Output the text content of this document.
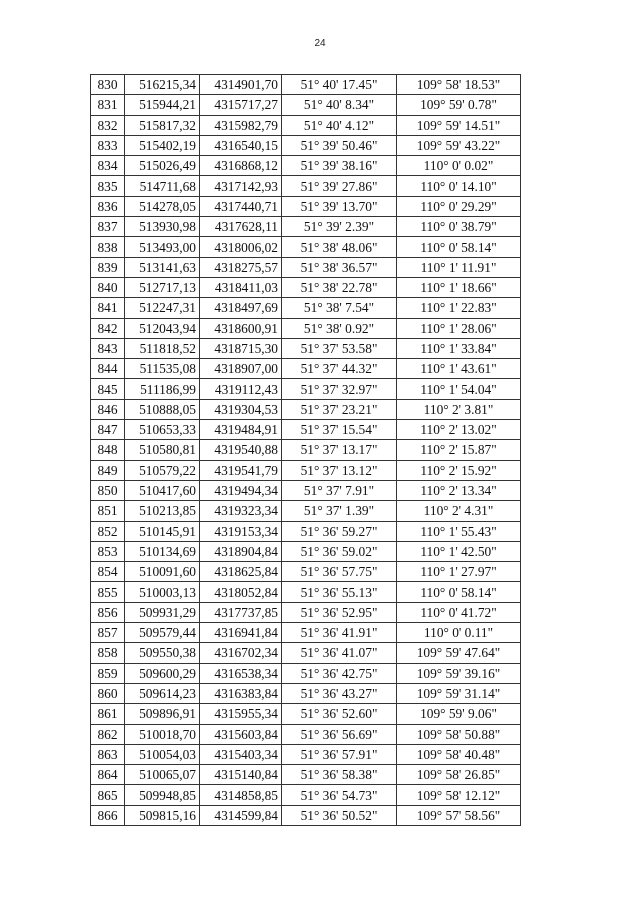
24
830	516215,34	4314901,70	51° 40' 17.45"	109° 58' 18.53"
831	515944,21	4315717,27	51° 40' 8.34"	109° 59' 0.78"
832	515817,32	4315982,79	51° 40' 4.12"	109° 59' 14.51"
833	515402,19	4316540,15	51° 39' 50.46"	109° 59' 43.22"
834	515026,49	4316868,12	51° 39' 38.16"	110° 0' 0.02"
835	514711,68	4317142,93	51° 39' 27.86"	110° 0' 14.10"
836	514278,05	4317440,71	51° 39' 13.70"	110° 0' 29.29"
837	513930,98	4317628,11	51° 39' 2.39"	110° 0' 38.79"
838	513493,00	4318006,02	51° 38' 48.06"	110° 0' 58.14"
839	513141,63	4318275,57	51° 38' 36.57"	110° 1' 11.91"
840	512717,13	4318411,03	51° 38' 22.78"	110° 1' 18.66"
841	512247,31	4318497,69	51° 38' 7.54"	110° 1' 22.83"
842	512043,94	4318600,91	51° 38' 0.92"	110° 1' 28.06"
843	511818,52	4318715,30	51° 37' 53.58"	110° 1' 33.84"
844	511535,08	4318907,00	51° 37' 44.32"	110° 1' 43.61"
845	511186,99	4319112,43	51° 37' 32.97"	110° 1' 54.04"
846	510888,05	4319304,53	51° 37' 23.21"	110° 2' 3.81"
847	510653,33	4319484,91	51° 37' 15.54"	110° 2' 13.02"
848	510580,81	4319540,88	51° 37' 13.17"	110° 2' 15.87"
849	510579,22	4319541,79	51° 37' 13.12"	110° 2' 15.92"
850	510417,60	4319494,34	51° 37' 7.91"	110° 2' 13.34"
851	510213,85	4319323,34	51° 37' 1.39"	110° 2' 4.31"
852	510145,91	4319153,34	51° 36' 59.27"	110° 1' 55.43"
853	510134,69	4318904,84	51° 36' 59.02"	110° 1' 42.50"
854	510091,60	4318625,84	51° 36' 57.75"	110° 1' 27.97"
855	510003,13	4318052,84	51° 36' 55.13"	110° 0' 58.14"
856	509931,29	4317737,85	51° 36' 52.95"	110° 0' 41.72"
857	509579,44	4316941,84	51° 36' 41.91"	110° 0' 0.11"
858	509550,38	4316702,34	51° 36' 41.07"	109° 59' 47.64"
859	509600,29	4316538,34	51° 36' 42.75"	109° 59' 39.16"
860	509614,23	4316383,84	51° 36' 43.27"	109° 59' 31.14"
861	509896,91	4315955,34	51° 36' 52.60"	109° 59' 9.06"
862	510018,70	4315603,84	51° 36' 56.69"	109° 58' 50.88"
863	510054,03	4315403,34	51° 36' 57.91"	109° 58' 40.48"
864	510065,07	4315140,84	51° 36' 58.38"	109° 58' 26.85"
865	509948,85	4314858,85	51° 36' 54.73"	109° 58' 12.12"
866	509815,16	4314599,84	51° 36' 50.52"	109° 57' 58.56"
